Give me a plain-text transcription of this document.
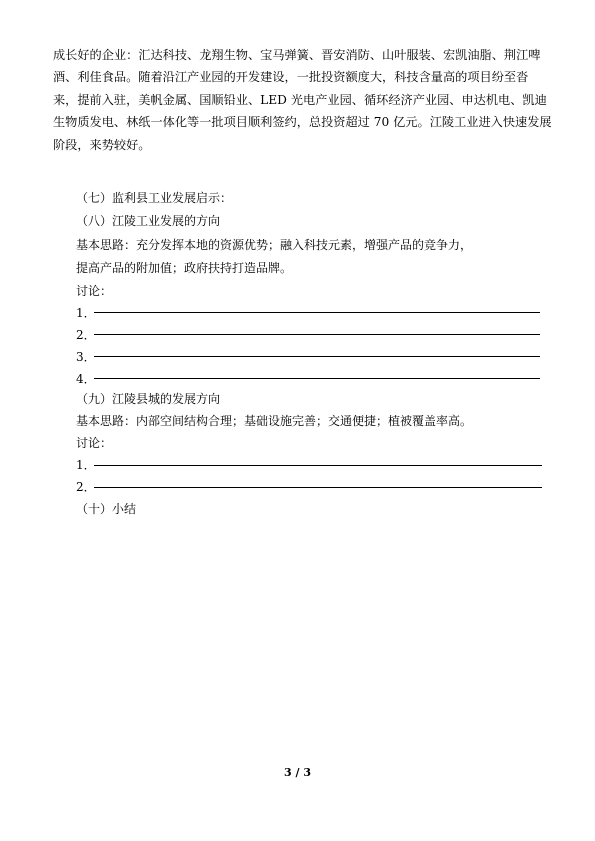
成长好的企业：汇达科技、龙翔生物、宝马弹簧、晋安消防、山叶服装、宏凯油脂、荆江啤
酒、利佳食品。随着沿江产业园的开发建设，一批投资额度大，科技含量高的项目纷至沓
来，提前入驻，美帆金属、国顺铅业、LED 光电产业园、循环经济产业园、申达机电、凯迪
生物质发电、林纸一体化等一批项目顺利签约，总投资超过 70 亿元。江陵工业进入快速发展
阶段，来势较好。
（七）监利县工业发展启示：
（八）江陵工业发展的方向
基本思路：充分发挥本地的资源优势；融入科技元素，增强产品的竞争力，
提高产品的附加值；政府扶持打造品牌。
讨论：
1．
2．
3．
4．
（九）江陵县城的发展方向
基本思路：内部空间结构合理；基础设施完善；交通便捷；植被覆盖率高。
讨论：
1．
2．
（十）小结
3 / 3
